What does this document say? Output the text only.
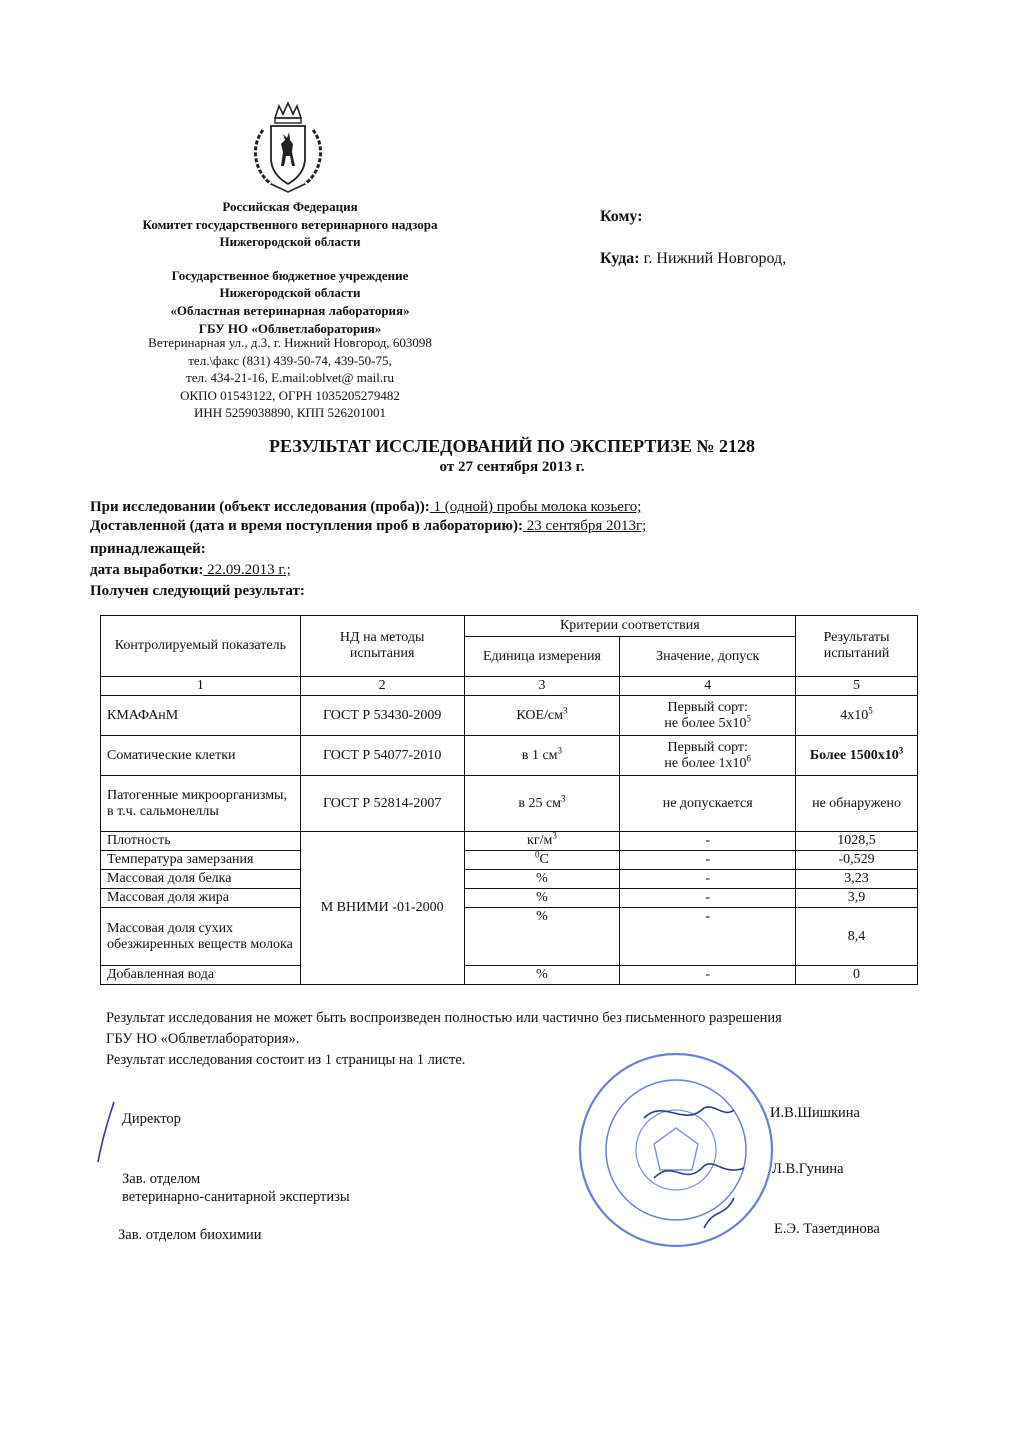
Российская Федерация
Комитет государственного ветеринарного надзора
Нижегородской области
Государственное бюджетное учреждение
Нижегородской области
«Областная ветеринарная лаборатория»
ГБУ НО «Облветлаборатория»
Ветеринарная ул., д.3, г. Нижний Новгород, 603098
тел.\факс (831) 439-50-74, 439-50-75,
тел. 434-21-16, E.mail:oblvet@ mail.ru
ОКПО 01543122, ОГРН 1035205279482
ИНН 5259038890, КПП 526201001
Кому:
Куда: г. Нижний Новгород,
РЕЗУЛЬТАТ ИССЛЕДОВАНИЙ ПО ЭКСПЕРТИЗЕ № 2128
от 27 сентября 2013 г.
При исследовании (объект исследования (проба)): 1 (одной) пробы молока козьего;
Доставленной (дата и время поступления проб в лабораторию): 23 сентября 2013г;
принадлежащей:
дата выработки: 22.09.2013 г.;
Получен следующий результат:
Контролируемый показатель	НД на методы испытания	Критерии соответствия		Результаты испытаний
		Единица измерения	Значение, допуск	
1	2	3	4	5
КМАФАнМ	ГОСТ Р 53430-2009	КОЕ/$см^3$	Первый сорт:
не более $5х10^5$	$4х10^5$
Соматические клетки	ГОСТ Р 54077-2010	в 1 $см^3$	Первый сорт:
не более $1х10^6$	Более $1500х10^3$
Патогенные микроорганизмы, в т.ч. сальмонеллы	ГОСТ Р 52814-2007	в 25 $см^3$	не допускается	не обнаружено
Плотность	М ВНИМИ -01-2000	$кг/м^3$	-	1028,5
Температура замерзания		$^0$С	-	-0,529
Массовая доля белка		%	-	3,23
Массовая доля жира		%	-	3,9
Массовая доля сухих обезжиренных веществ молока		%	-	8,4
Добавленная вода		%	-	0
Результат исследования не может быть воспроизведен полностью или частично без письменного разрешения
ГБУ НО «Облветлаборатория».
Результат исследования состоит из 1 страницы на 1 листе.
Директор	И.В.Шишкина
Зав. отделом
ветеринарно-санитарной экспертизы
Л.В.Гунина
Зав. отделом биохимии	Е.Э. Тазетдинова
